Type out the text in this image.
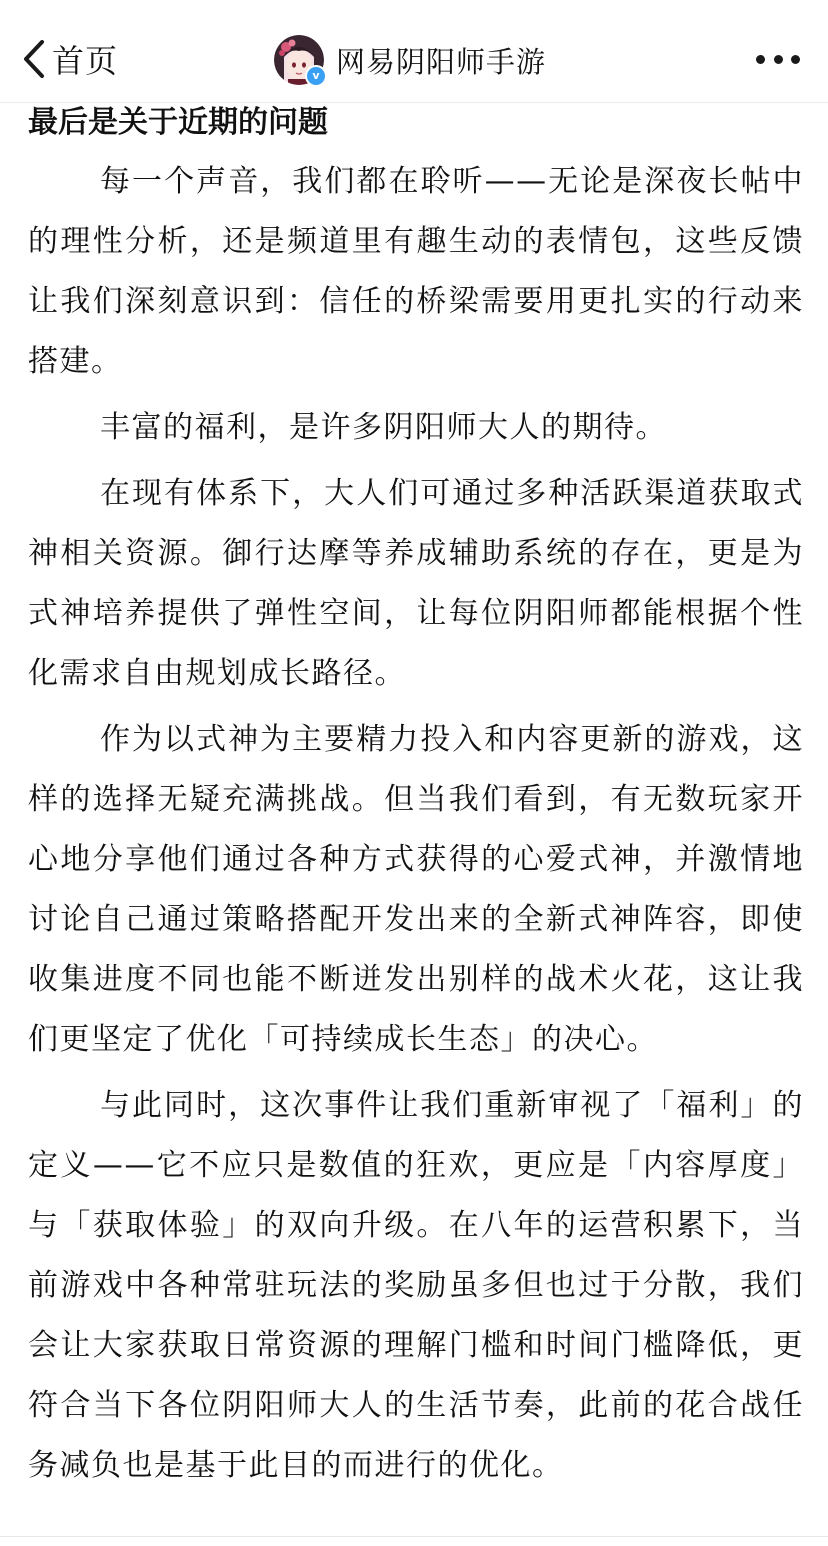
首页	v 网易阴阳师手游
最后是关于近期的问题

每一个声音，我们都在聆听——无论是深夜长帖中的理性分析，还是频道里有趣生动的表情包，这些反馈让我们深刻意识到：信任的桥梁需要用更扎实的行动来搭建。

丰富的福利，是许多阴阳师大人的期待。

在现有体系下，大人们可通过多种活跃渠道获取式神相关资源。御行达摩等养成辅助系统的存在，更是为式神培养提供了弹性空间，让每位阴阳师都能根据个性化需求自由规划成长路径。

作为以式神为主要精力投入和内容更新的游戏，这样的选择无疑充满挑战。但当我们看到，有无数玩家开心地分享他们通过各种方式获得的心爱式神，并激情地讨论自己通过策略搭配开发出来的全新式神阵容，即使收集进度不同也能不断迸发出别样的战术火花，这让我们更坚定了优化「可持续成长生态」的决心。

与此同时，这次事件让我们重新审视了「福利」的定义——它不应只是数值的狂欢，更应是「内容厚度」与「获取体验」的双向升级。在八年的运营积累下，当前游戏中各种常驻玩法的奖励虽多但也过于分散，我们会让大家获取日常资源的理解门槛和时间门槛降低，更符合当下各位阴阳师大人的生活节奏，此前的花合战任务减负也是基于此目的而进行的优化。
